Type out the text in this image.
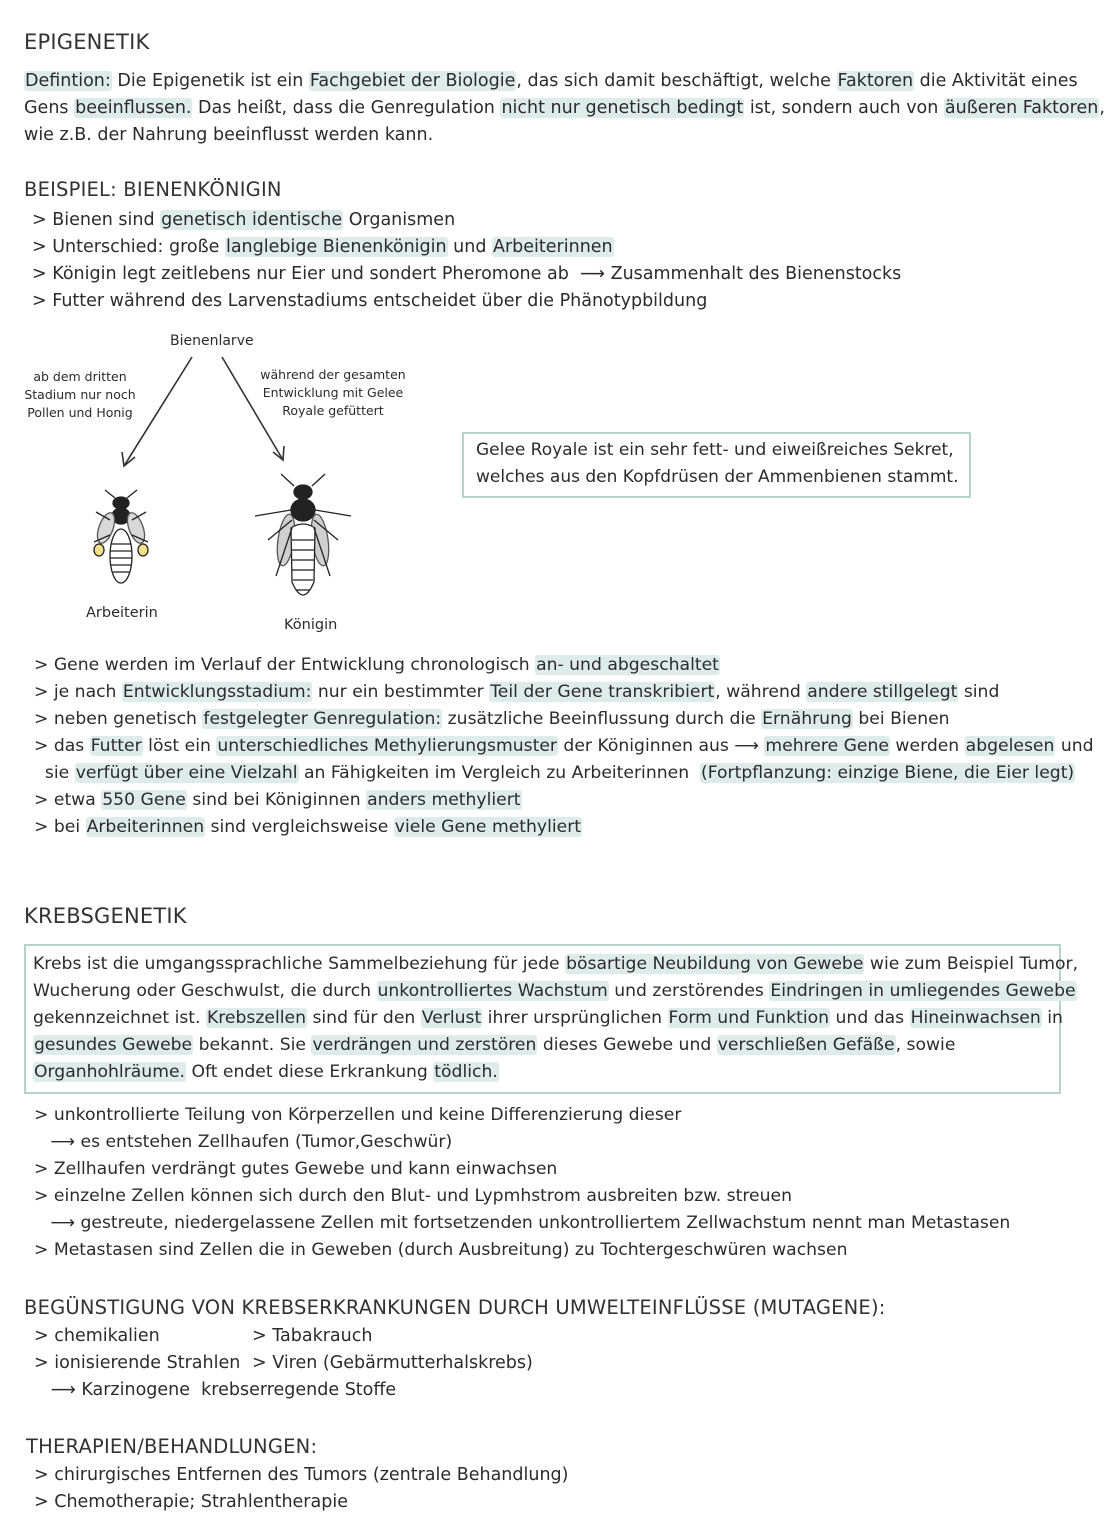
EPIGENETIK
Defintion: Die Epigenetik ist ein Fachgebiet der Biologie, das sich damit beschäftigt, welche Faktoren die Aktivität eines
Gens beeinflussen. Das heißt, dass die Genregulation nicht nur genetisch bedingt ist, sondern auch von äußeren Faktoren,
wie z.B. der Nahrung beeinflusst werden kann.
BEISPIEL: BIENENKÖNIGIN
> Bienen sind genetisch identische Organismen
> Unterschied: große langlebige Bienenkönigin und Arbeiterinnen
> Königin legt zeitlebens nur Eier und sondert Pheromone ab  ⟶ Zusammenhalt des Bienenstocks
> Futter während des Larvenstadiums entscheidet über die Phänotypbildung
Bienenlarve
ab dem dritten
Stadium nur noch
Pollen und Honig
während der gesamten
Entwicklung mit Gelee
Royale gefüttert
Arbeiterin
Königin
Gelee Royale ist ein sehr fett- und eiweißreiches Sekret,
welches aus den Kopfdrüsen der Ammenbienen stammt.
> Gene werden im Verlauf der Entwicklung chronologisch an- und abgeschaltet
> je nach Entwicklungsstadium: nur ein bestimmter Teil der Gene transkribiert, während andere stillgelegt sind
> neben genetisch festgelegter Genregulation: zusätzliche Beeinflussung durch die Ernährung bei Bienen
> das Futter löst ein unterschiedliches Methylierungsmuster der Königinnen aus ⟶ mehrere Gene werden abgelesen und
sie verfügt über eine Vielzahl an Fähigkeiten im Vergleich zu Arbeiterinnen  (Fortpflanzung: einzige Biene, die Eier legt)
> etwa 550 Gene sind bei Königinnen anders methyliert
> bei Arbeiterinnen sind vergleichsweise viele Gene methyliert
KREBSGENETIK
Krebs ist die umgangssprachliche Sammelbeziehung für jede bösartige Neubildung von Gewebe wie zum Beispiel Tumor,
Wucherung oder Geschwulst, die durch unkontrolliertes Wachstum und zerstörendes Eindringen in umliegendes Gewebe
gekennzeichnet ist. Krebszellen sind für den Verlust ihrer ursprünglichen Form und Funktion und das Hineinwachsen in
gesundes Gewebe bekannt. Sie verdrängen und zerstören dieses Gewebe und verschließen Gefäße, sowie
Organhohlräume. Oft endet diese Erkrankung tödlich.
> unkontrollierte Teilung von Körperzellen und keine Differenzierung dieser
⟶ es entstehen Zellhaufen (Tumor,Geschwür)
> Zellhaufen verdrängt gutes Gewebe und kann einwachsen
> einzelne Zellen können sich durch den Blut- und Lypmhstrom ausbreiten bzw. streuen
⟶ gestreute, niedergelassene Zellen mit fortsetzenden unkontrolliertem Zellwachstum nennt man Metastasen
> Metastasen sind Zellen die in Geweben (durch Ausbreitung) zu Tochtergeschwüren wachsen
BEGÜNSTIGUNG VON KREBSERKRANKUNGEN DURCH UMWELTEINFLÜSSE (MUTAGENE):
> chemikalien
> ionisierende Strahlen
> Tabakrauch
> Viren (Gebärmutterhalskrebs)
⟶ Karzinogene  krebserregende Stoffe
THERAPIEN/BEHANDLUNGEN:
> chirurgisches Entfernen des Tumors (zentrale Behandlung)
> Chemotherapie; Strahlentherapie
